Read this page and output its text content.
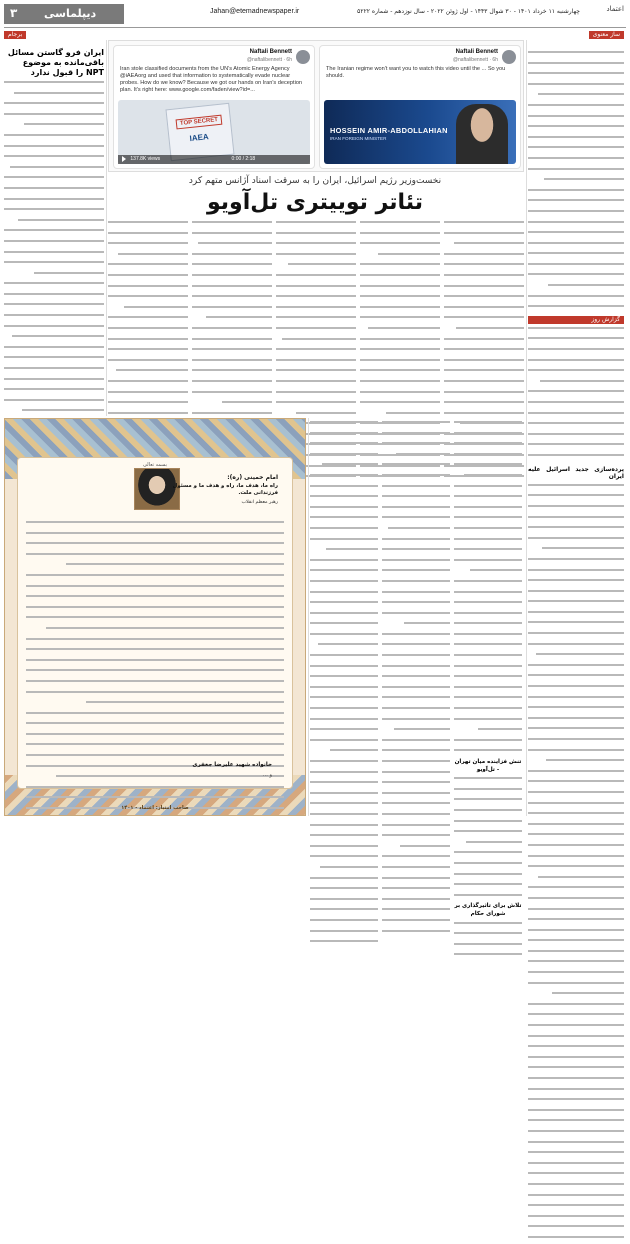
۳ دیپلماسی	Jahan@etemadnewspaper.ir	چهارشنبه ۱۱ خرداد ۱۴۰۱ - ۳۰ شوال ۱۴۴۳ - اول ژوئن ۲۰۲۲ - سال نوزدهم - شماره ۵۲۲۲	اعتماد
برجام	ساز معنوی
ایران فرو گاستن مسائل باقی‌مانده به موضوع NPT را قبول ندارد
Naftali Bennett
@naftalibennett · 6h
Iran stole classified documents from the UN's Atomic Energy Agency @iAEAorg and used that information to systematically evade nuclear probes. How do we know? Because we got our hands on Iran's deception plan. It's right here: www.google.com/faden/view?id=...
TOP SECRET
IAEA
137.8K views	0:00 / 2:18
Naftali Bennett
@naftalibennett · 6h
The Iranian regime won't want you to watch this video until the ... So you should.
HOSSEIN AMIR-ABDOLLAHIAN
IRAN FOREIGN MINISTER
نخست‌وزیر رژیم اسرائیل، ایران را به سرقت اسناد آژانس متهم کرد
تئاتر توییتری تل‌آویو
بسمه تعالی
امام خمینی (ره):
راه ما، هدف ما، راه و هدف ما و مسئول فرزندانی ملت.
رهبر معظم انقلاب
خانواده شهید علیرضا جعفری
و ...
صاحب امتیاز: اعتماد - ۱۴۰۱
تنش فزاینده میان تهران - تل‌آویو
تلاش برای تاثیرگذاری بر شورای حکام
گزارش روز
پرده‌سازی جدید اسرائیل علیه ایران
